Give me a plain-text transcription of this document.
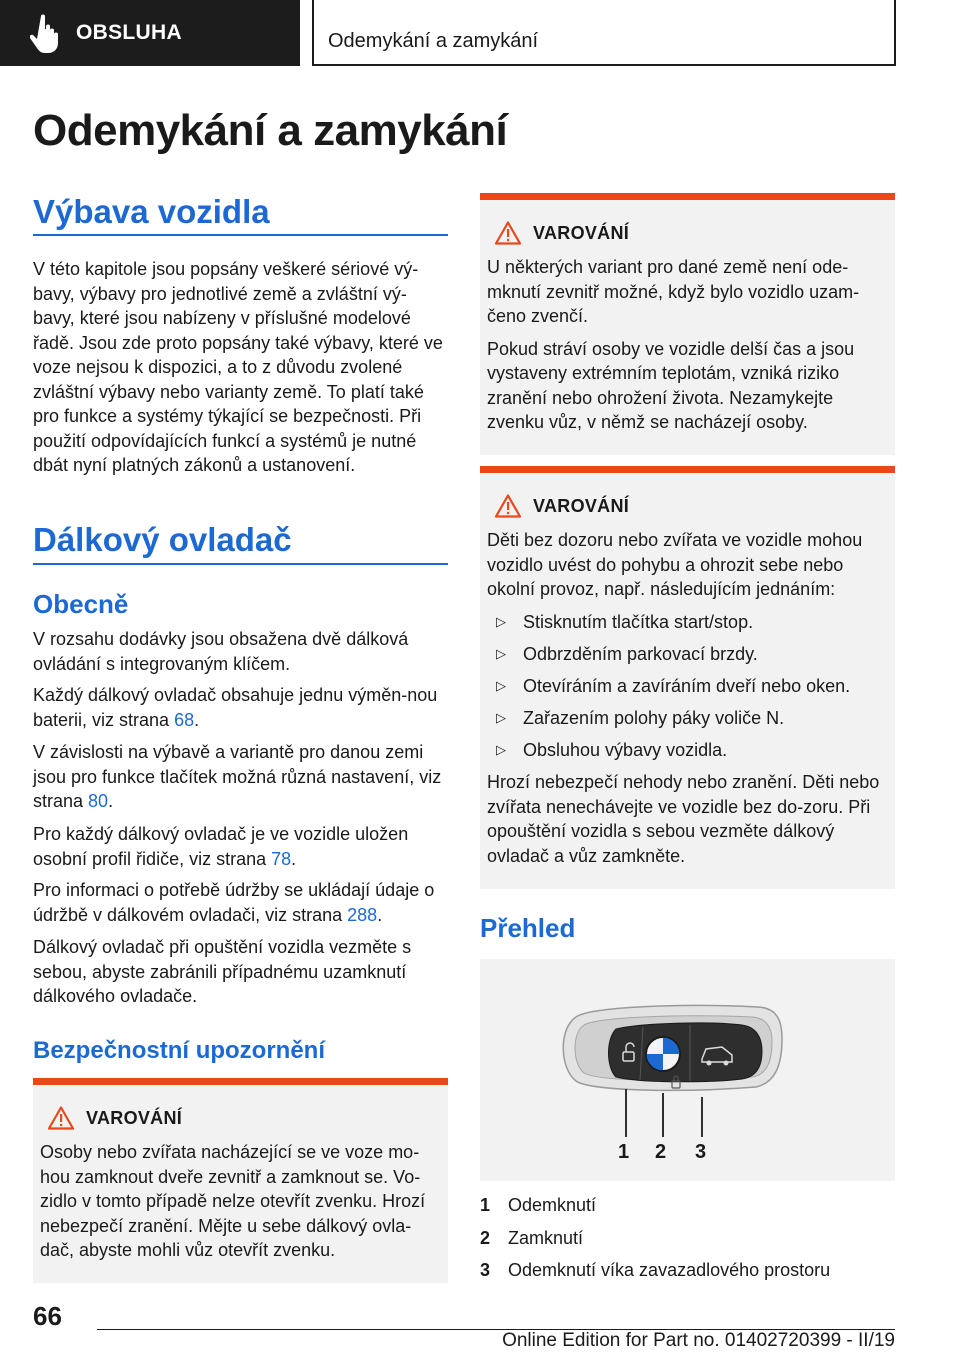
OBSLUHA	Odemykání a zamykání
Odemykání a zamykání
Výbava vozidla

V této kapitole jsou popsány veškeré sériové vý-bavy, výbavy pro jednotlivé země a zvláštní vý-bavy, které jsou nabízeny v příslušné modelové řadě. Jsou zde proto popsány také výbavy, které ve voze nejsou k dispozici, a to z důvodu zvolené zvláštní výbavy nebo varianty země. To platí také pro funkce a systémy týkající se bezpečnosti. Při použití odpovídajících funkcí a systémů je nutné dbát nyní platných zákonů a ustanovení.

Dálkový ovladač
Obecně

V rozsahu dodávky jsou obsažena dvě dálková ovládání s integrovaným klíčem.

Každý dálkový ovladač obsahuje jednu výměn-nou baterii, viz strana 68.

V závislosti na výbavě a variantě pro danou zemi jsou pro funkce tlačítek možná různá nastavení, viz strana 80.

Pro každý dálkový ovladač je ve vozidle uložen osobní profil řidiče, viz strana 78.

Pro informaci o potřebě údržby se ukládají údaje o údržbě v dálkovém ovladači, viz strana 288.

Dálkový ovladač při opuštění vozidla vezměte s sebou, abyste zabránili případnému uzamknutí dálkového ovladače.

Bezpečnostní upozornění
VAROVÁNÍ

Osoby nebo zvířata nacházející se ve voze mo-hou zamknout dveře zevnitř a zamknout se. Vo-zidlo v tomto případě nelze otevřít zvenku. Hrozí nebezpečí zranění. Mějte u sebe dálkový ovla-dač, abyste mohli vůz otevřít zvenku.

VAROVÁNÍ

U některých variant pro dané země není ode-mknutí zevnitř možné, když bylo vozidlo uzam-čeno zvenčí.

Pokud stráví osoby ve vozidle delší čas a jsou vystaveny extrémním teplotám, vzniká riziko zranění nebo ohrožení života. Nezamykejte zvenku vůz, v němž se nacházejí osoby.

VAROVÁNÍ

Děti bez dozoru nebo zvířata ve vozidle mohou vozidlo uvést do pohybu a ohrozit sebe nebo okolní provoz, např. následujícím jednáním:

▷ Stisknutím tlačítka start/stop.
▷ Odbrzděním parkovací brzdy.
▷ Otevíráním a zavíráním dveří nebo oken.
▷ Zařazením polohy páky voliče N.
▷ Obsluhou výbavy vozidla.

Hrozí nebezpečí nehody nebo zranění. Děti nebo zvířata nenechávejte ve vozidle bez do-zoru. Při opouštění vozidla s sebou vezměte dálkový ovladač a vůz zamkněte.

Přehled
1 2 3
1 Odemknutí
2 Zamknutí
3 Odemknutí víka zavazadlového prostoru
66
Online Edition for Part no. 01402720399 - II/19
